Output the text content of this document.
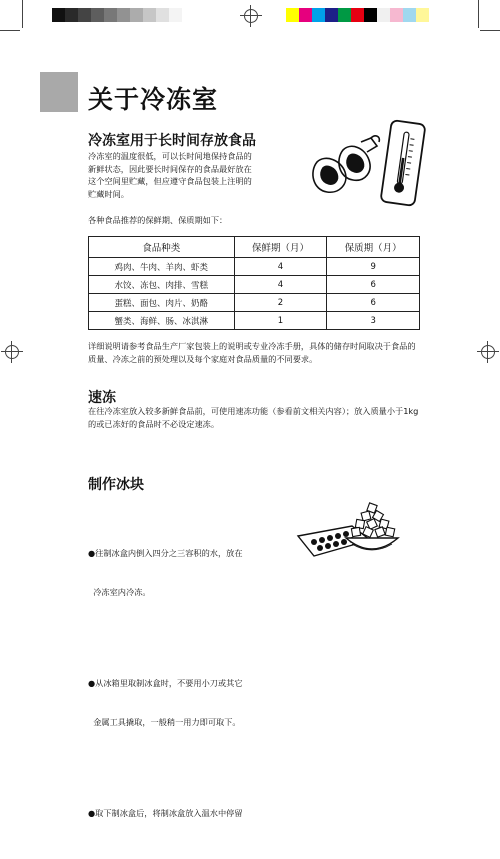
关于冷冻室
冷冻室用于长时间存放食品
冷冻室的温度很低，可以长时间地保持食品的
新鲜状态，因此要长时间保存的食品最好放在
这个空间里贮藏，但应遵守食品包装上注明的
贮藏时间。
各种食品推荐的保鲜期、保质期如下：
食品种类	保鲜期（月）	保质期（月）
鸡肉、牛肉、羊肉、虾类	4	9
水饺、冻包、肉排、雪糕	4	6
蛋糕、面包、肉片、奶酪	2	6
蟹类、海鲜、肠、冰淇淋	1	3
详细说明请参考食品生产厂家包装上的说明或专业冷冻手册，具体的储存时间取决于食品的
质量、冷冻之前的预处理以及每个家庭对食品质量的不同要求。
速冻
在往冷冻室放入较多新鲜食品前，可使用速冻功能（参看前文相关内容）；放入质量小于1kg
的或已冻好的食品时不必设定速冻。
制作冰块

●往制冰盒内倒入四分之三容积的水，放在

冷冻室内冷冻。

●从冰箱里取制冰盒时，不要用小刀或其它

金属工具撬取，一般稍一用力即可取下。

●取下制冰盒后，将制冰盒放入温水中停留
